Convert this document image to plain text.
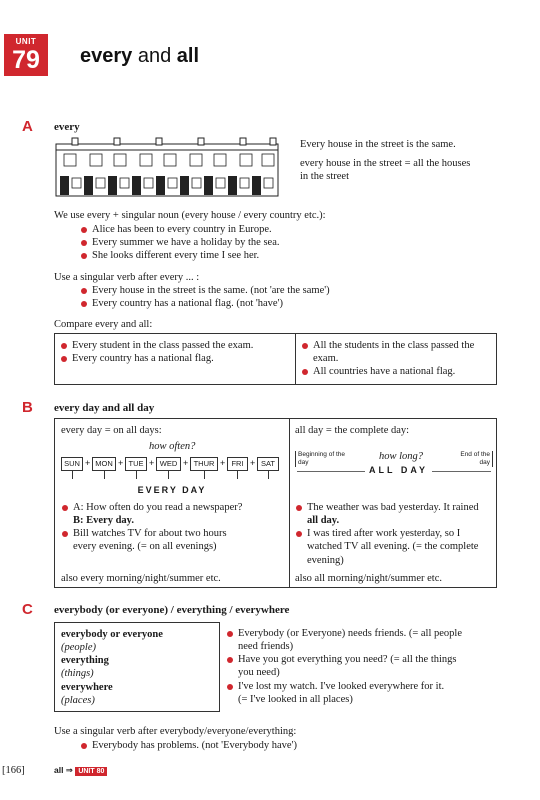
UNIT
79	every and all
A every
Every house in the street is the same.
every house in the street = all the houses
in the street
We use every + singular noun (every house / every country etc.):
Alice has been to every country in Europe.
Every summer we have a holiday by the sea.
She looks different every time I see her.
Use a singular verb after every ... :
Every house in the street is the same. (not 'are the same')
Every country has a national flag. (not 'have')
Compare every and all:
Every student in the class passed the exam.
Every country has a national flag.
All the students in the class passed the exam.
All countries have a national flag.
B every day and all day
every day = on all days:
how often?
SUN + MON + TUE + WED + THUR + FRI + SAT
EVERY DAY
A: How often do you read a newspaper?
B: Every day.
Bill watches TV for about two hours
every evening. (= on all evenings)
also every morning/night/summer etc.
all day = the complete day:
Beginning of the day
how long?	End of the day
ALL DAY
The weather was bad yesterday. It rained
all day.
I was tired after work yesterday, so I
watched TV all evening. (= the complete
evening)
also all morning/night/summer etc.
C everybody (or everyone) / everything / everywhere
everybody or everyone
(people)
everything
(things)
everywhere
(places)
Everybody (or Everyone) needs friends. (= all people
need friends)
Have you got everything you need? (= all the things
you need)
I've lost my watch. I've looked everywhere for it.
(= I've looked in all places)
Use a singular verb after everybody/everyone/everything:
Everybody has problems. (not 'Everybody have')
[166]	all ⇒ UNIT 80
